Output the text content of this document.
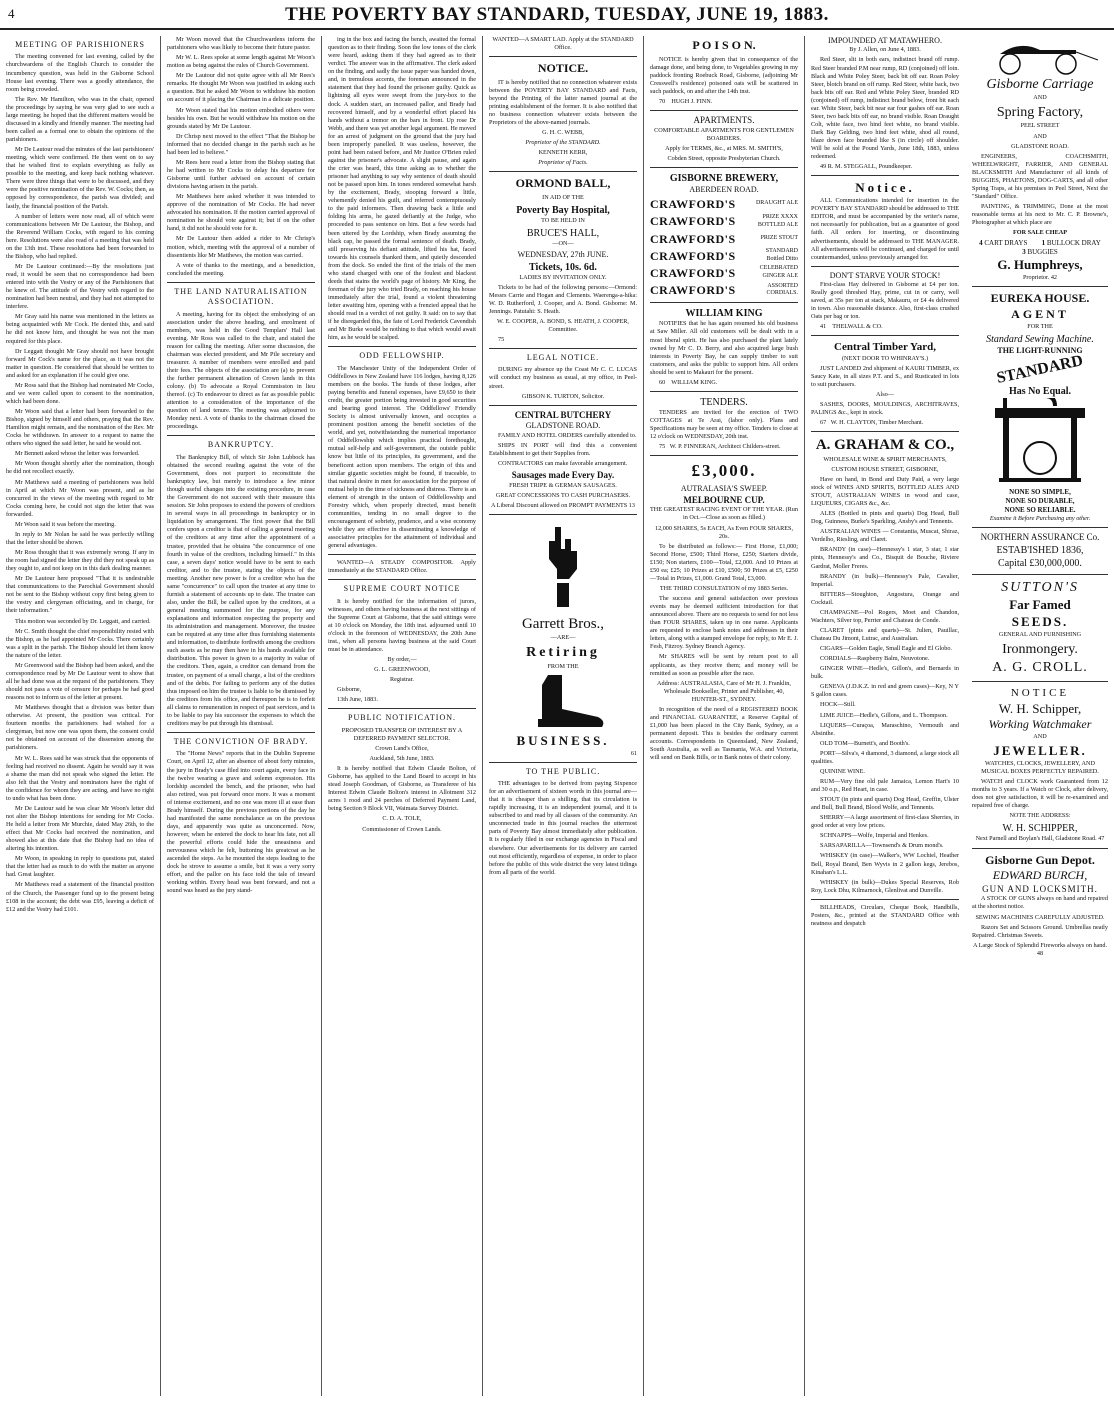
4	THE POVERTY BAY STANDARD, TUESDAY, JUNE 19, 1883.
MEETING OF PARISHIONERS

The meeting convened for last evening, called by the churchwardens of the English Church to consider the incumbency question, was held in the Gisborne School House last evening. There was a goodly attendance, the room being crowded.

The Rev. Mr Hamilton, who was in the chair, opened the proceedings by saying he was very glad to see such a large meeting; he hoped that the different matters would be discussed in a kindly and friendly manner. The meeting had been called as a formal one to obtain the opinions of the parishioners.

Mr De Lautour read the minutes of the last parishioners' meeting, which were confirmed. He then went on to say that he wished first to explain everything as fully as possible to the meeting, and keep back nothing whatever. There were three things that were to be discussed, and they were the positive nomination of the Rev. W. Cocks; then, as opposed by correspondence, the parish was divided; and lastly, the financial position of the Parish.

A number of letters were now read, all of which were communications between Mr De Lautour, the Bishop, and the Reverend William Cocks, with regard to his coming here. Resolutions were also read of a meeting that was held on the 13th inst. These resolutions had been forwarded to the Bishop, who had replied.

Mr De Lautour continued:—By the resolutions just read, it would be seen that no correspondence had been entered into with the Vestry or any of the Parishioners that he knew of. The attitude of the Vestry with regard to the nomination had been neutral, and they had not attempted to interfere.

Mr Gray said his name was mentioned in the letters as being acquainted with Mr Cock. He denied this, and said he did not know him, and thought he was not the man required for this place.

Dr Leggatt thought Mr Gray should not have brought forward Mr Cock's name for the place, as it was not the matter in question. He considered that should be written to and asked for an explanation if he could give one.

Mr Ross said that the Bishop had nominated Mr Cocks, and we were called upon to consent to the nomination, which had been done.

Mr Woon said that a letter had been forwarded to the Bishop, signed by himself and others, praying that the Rev. Hamilton might remain, and the nomination of the Rev. Mr Cocks be withdrawn. In answer to a request to name the others who signed the said letter, he said he would not.

Mr Bennett asked whose the letter was forwarded.

Mr Woon thought shortly after the nomination, though he did not recollect exactly.

Mr Matthews said a meeting of parishioners was held in April at which Mr Woon was present, and as he concurred in the views of the meeting with regard to Mr Cocks coming here, he could not sign the letter that was forwarded.

Mr Woon said it was before the meeting.

In reply to Mr Nolan he said he was perfectly willing that the letter should be shown.

Mr Ross thought that it was extremely wrong. If any in the room had signed the letter they did they not speak up as they ought to, and not keep on in this dark dealing manner.

Mr De Lautour here proposed "That it is undesirable that communications to the Parochial Government should not be sent to the Bishop without copy first being given to the vestry and clergyman officiating, and in charge, for their information."

This motion was seconded by Dr. Leggatt, and carried.

Mr C. Smith thought the chief responsibility rested with the Bishop, as he had appointed Mr Cocks. There certainly was a split in the parish. The Bishop should let them know the nature of the letter.

Mr Greenwood said the Bishop had been asked, and the correspondence read by Mr De Lautour went to show that all he had done was at the request of the parishioners. They should not pass a vote of censure for perhaps he had good reasons not to inform us of the letter at present.

Mr Matthews thought that a division was better than otherwise. At present, the position was critical. For fourteen months the parishioners had wished for a clergyman, but now one was upon them, the consent could not be obtained on account of the dissension among the parishioners.

Mr W. L. Rees said he was struck that the opponents of feeling had received no dissent. Again he would say it was a shame the man did not speak who signed the letter. He also felt that the Vestry and nominators have the right of the confidence for whom they are acting, and have no right to undo what has been done.

Mr De Lautour said he was clear Mr Woon's letter did not alter the Bishop intentions for sending for Mr Cocks. He held a letter from Mr Murchie, dated May 26th, to the effect that Mr Cocks had received the nomination, and showed also at this date that the Bishop had no idea of altering his intention.

Mr Woon, in speaking in reply to questions put, stated that the letter had as much to do with the matter as anyone had. Great laughter.

Mr Matthews read a statement of the financial position of the Church, the Passenger fund up to the present being £108 in the account; the debt was £95, leaving a deficit of £12 and the Vestry had £101.

Mr Woon moved that the Churchwardens inform the parishioners who was likely to become their future pastor.

Mr W. L. Rees spoke at some length against Mr Woon's motion as being against the rules of Church Government.

Mr De Lautour did not quite agree with all Mr Rees's remarks. He thought Mr Woon was justified in asking such a question. But he asked Mr Woon to withdraw his motion on account of it placing the Chairman in a delicate position.

Mr Woon stated that his motion embodied others were besides his own. But he would withdraw his motion on the grounds stated by Mr De Lautour.

Dr Chrisp next moved to the effect "That the Bishop be informed that no decided change in the parish such as he had been led to believe."

Mr Rees here read a letter from the Bishop stating that he had written to Mr Cocks to delay his departure for Gisborne until further advised on account of certain divisions having arisen in the parish.

Mr Matthews here asked whether it was intended to approve of the nomination of Mr Cocks. He had never advocated his nomination. If the motion carried approval of nomination he should vote against it; but if on the other hand, it did not he should vote for it.

Mr De Lautour then added a rider to Mr Chrisp's motion, which, meeting with the approval of a number of dissentients like Mr Matthews, the motion was carried.

A vote of thanks to the meetings, and a benediction, concluded the meeting.

THE LAND NATURALISATION ASSOCIATION.

A meeting, having for its object the embodying of an association under the above heading, and enrolment of members, was held in the Good Templars' Hall last evening. Mr Ross was called to the chair, and stated the reason for calling the meeting. After some discussion, the chairman was elected president, and Mr Pile secretary and treasurer. A number of members were enrolled and paid their fees. The objects of the association are (a) to prevent the further permanent alienation of Crown lands in this colony. (b) To advocate a Royal Commission in lieu thereof. (c) To endeavour to direct as far as possible public attention to a consideration of the importance of the question of land tenure. The meeting was adjourned to Monday next. A vote of thanks to the chairman closed the proceedings.

BANKRUPTCY.

The Bankruptcy Bill, of which Sir John Lubbock has obtained the second reading against the vote of the Government, does not purport to reconstitute the bankruptcy law, but merely to introduce a few minor though useful changes into the existing procedure, in case the Government do not succeed with their measure this session. Sir John proposes to extend the powers of creditors in several ways in all proceedings in bankruptcy or in liquidation by arrangement. The first power that the Bill confers upon a creditor is that of calling a general meeting of the creditors at any time after the appointment of a trustee, provided that he obtains "the concurrence of one fourth in value of the creditors, including himself." In this case, a seven days' notice would have to be sent to each creditor, and to the trustee, stating the objects of the meeting. Another new power is for a creditor who has the same "concurrence" to call upon the trustee at any time to furnish a statement of accounts up to date. The trustee can also, under the Bill, be called upon by the creditors, at a general meeting summoned for the purpose, for any explanations and information respecting the property and its administration and management. Moreover, the trustee can be required at any time after thus furnishing statements and information, to distribute forthwith among the creditors such assets as he may then have in his hands available for distribution. This power is given to a majority in value of the creditors. Then, again, a creditor can demand from the trustee, on payment of a small charge, a list of the creditors and of the debts. For failing to perform any of the duties thus imposed on him the trustee is liable to be dismissed by the creditors from his office, and thereupon he is to forfeit all claims to remuneration in respect of past services, and is to be liable to pay his successor the expenses to which the creditors may be put through his dismissal.

THE CONVICTION OF BRADY.

The "Home News" reports that in the Dublin Supreme Court, on April 12, after an absence of about forty minutes, the jury in Brady's case filed into court again, every face in the twelve wearing a grave and solemn expression. His lordship ascended the bench, and the prisoner, who had also retired, was put forward once more. It was a moment of intense excitement, and no one was more ill at ease than Brady himself. During the previous portions of the day he had manifested the same nonchalance as on the previous days, and apparently was quite as unconcerned. Now, however, when he entered the dock to hear his fate, not all the powerful efforts could hide the uneasiness and nervousness which he felt, buttoning his greatcoat as he ascended the steps. As he mounted the steps leading to the dock he strove to assume a smile, but it was a very sorry effort, and the pallor on his face told the tale of inward working within. Every head was bent forward, and not a sound was heard as the jury stand-

ing in the box and facing the bench, awaited the formal question as to their finding. Soon the low tones of the clerk were heard, asking them if they had agreed as to their verdict. The answer was in the affirmative. The clerk asked on the finding, and sadly the issue paper was handed down, and, in tremulous accents, the foreman announced in the statement that they had found the prisoner guilty. Quick as lightning all eyes were swept from the jury-box to the dock. A sudden start, an increased pallor, and Brady had recovered himself, and by a wonderful effort placed his hands without a tremor on the bars in front. Up rose Dr Webb, and there was yet another legal argument. He moved for an arrest of judgment on the ground that the jury had been improperly panelled. It was useless, however, the point had been raised before, and Mr Justice O'Brien ruled against the prisoner's advocate. A slight pause, and again the crier was heard, this time asking as to whether the prisoner had anything to say why sentence of death should not be passed upon him. In tones rendered somewhat harsh by the excitement, Brady, stooping forward a little, vehemently denied his guilt, and referred contemptuously to the paid informers. Then drawing back a little and folding his arms, he gazed defiantly at the Judge, who proceeded to pass sentence on him. But a few words had been uttered by the Lordship, when Brady assuming the black cap, he passed the formal sentence of death. Brady, still preserving his defiant attitude, lifted his hat, faced towards his counsels thanked them, and quietly descended from the dock. So ended the first of the trials of the men who stand charged with one of the foulest and blackest deeds that stains the world's page of history. Mr King, the foreman of the jury who tried Brady, on reaching his house immediately after the trial, found a violent threatening letter awaiting him, opening with a frenzied appeal that he should read in a verdict of not guilty. It said: on to say that if he disregarded this, the fate of Lord Frederick Cavendish and Mr Burke would be nothing to that which would await him, as he would be scalped.

ODD FELLOWSHIP.

The Manchester Unity of the Independent Order of Oddfellows in New Zealand have 116 lodges, having 8,126 members on the books. The funds of these lodges, after paying benefits and funeral expenses, have £9,650 to their credit, the greater portion being invested in good securities and bearing good interest. The Oddfellows' Friendly Society is almost universally known, and occupies a prominent position among the benefit societies of the world, and yet, notwithstanding the numerical importance of Oddfellowship which implies practical forethought, mutual self-help and self-government, the outside public know but little of its principles, its government, and the beneficent action upon members. The origin of this and similar gigantic societies might be found, if traceable, to that natural desire in men for association for the purpose of mutual help in the time of sickness and distress. There is an element of strength in the unison of Oddfellowship and Forestry which, when properly directed, must benefit communities, tending in no small degree to the encouragement of sobriety, prudence, and a wise economy while they are effective in disseminating a knowledge of associative principles for the attainment of individual and general advantages.

WANTED—A STEADY COMPOSITOR. Apply immediately at the STANDARD Office.

SUPREME COURT NOTICE

It is hereby notified for the information of jurors, witnesses, and others having business at the next sittings of the Supreme Court at Gisborne, that the said sittings were at 10 o'clock on Monday, the 18th inst. adjourned until 10 o'clock in the forenoon of WEDNESDAY, the 20th June inst., when all persons having business at the said Court must be in attendance.

By order,—

G. L. GREENWOOD,

Registrar.

Gisborne,

13th June, 1883.

PUBLIC NOTIFICATION.

PROPOSED TRANSFER OF INTEREST BY A DEFERRED PAYMENT SELECTOR.

Crown Land's Office,

Auckland, 5th June, 1883.

It is hereby notified that Edwin Claude Bolton, of Gisborne, has applied to the Land Board to accept in his stead Joseph Goodman, of Gisborne, as Transferee of his Interest Edwin Claude Bolton's interest in Allotment 312 acres 1 rood and 24 perches of Deferred Payment Land, being Section 9 Block VII, Waimata Survey District.

C. D. A. TOLE,

Commissioner of Crown Lands.

WANTED—A SMART LAD. Apply at the STANDARD Office.

NOTICE.

IT is hereby notified that no connection whatever exists between the POVERTY BAY STANDARD and Facts, beyond the Printing of the latter named journal at the printing establishment of the former. It is also notified that no business connection whatever exists between the Proprietors of the above-named journals.

G. H. C. WEBB,

Proprietor of the STANDARD.

KENNETH KERR,

Proprietor of Facts.

ORMOND BALL,

IN AID OF THE

Poverty Bay Hospital,

TO BE HELD IN

BRUCE'S HALL,

—ON—

WEDNESDAY, 27th JUNE.
Tickets, 10s. 6d.

LADIES BY INVITATION ONLY.

Tickets to be had of the following persons:—Ormond: Messrs Carrie and Hogan and Clements. Waerenga-a-hika: W. D. Rutherford, J. Cooper, and A. Bond. Gisborne: M. Jennings. Patutahi: S. Heath.

W. E. COOPER, A. BOND, S. HEATH, J. COOPER, Committee.

75

LEGAL NOTICE.

DURING my absence up the Coast Mr C. C. LUCAS will conduct my business as usual, at my office, in Peel-street.

GIBSON K. TURTON, Solicitor.

CENTRAL BUTCHERY
GLADSTONE ROAD.

FAMILY AND HOTEL ORDERS carefully attended to.

SHIPS IN PORT will find this a convenient Establishment to get their Supplies from.

CONTRACTORS can make favorable arrangement.

Sausages made Every Day.

FRESH TRIPE & GERMAN SAUSAGES.

GREAT CONCESSIONS TO CASH PURCHASERS.

A Liberal Discount allowed on PROMPT PAYMENTS 13

Garrett Bros.,

—ARE—

Retiring

FROM THE

BUSINESS.

61

TO THE PUBLIC.

THE advantages to be derived from paying Sixpence for an advertisement of sixteen words in this journal are—that it is cheaper than a shilling, that its circulation is rapidly increasing, it is an independent journal, and it is subscribed to and read by all classes of the community. An unconnected trade in this journal reaches the uttermost parts of Poverty Bay almost immediately after publication. It is regularly filed in our exchange agencies in Fiscal and elsewhere. Our advertisements for its delivery are carried out most efficiently, regardless of expense, in order to place before the public of this wide district the very latest tidings from all parts of the world.

P O I S O N.

NOTICE is hereby given that in consequence of the damage done, and being done, to Vegetables growing in my paddock fronting Roebuck Road, Gisborne, (adjoining Mr Cresswell's residence) poisoned oats will be scattered in such paddock, on and after the 14th inst.

70 HUGH J. FINN.

APARTMENTS.

COMFORTABLE APARTMENTS FOR GENTLEMEN BOARDERS.

Apply for TERMS, &c., at MRS. M. SMITH'S,

Cobden Street, opposite Presbyterian Church.

GISBORNE BREWERY,
ABERDEEN ROAD.
CRAWFORD'S	DRAUGHT ALE
CRAWFORD'S	PRIZE XXXX BOTTLED ALE
CRAWFORD'S	PRIZE STOUT
CRAWFORD'S	STANDARD Bottled Ditto
CRAWFORD'S	CELEBRATED GINGER ALE
CRAWFORD'S	ASSORTED CORDIALS.
WILLIAM KING

NOTIFIES that he has again resumed his old business at Saw Miller. All old customers will be dealt with in a most liberal spirit. He has also purchased the plant lately owned by Mr C. D. Berry, and also acquired large bush interests in Poverty Bay, he can supply timber to suit customers, and asks the public to support him. All orders should be sent to Makauri for the present.

60 WILLIAM KING.

TENDERS.

TENDERS are invited for the erection of TWO COTTAGES at Te Arai, (labor only). Plans and Specifications may be seen at my office. Tenders to close at 12 o'clock on WEDNESDAY, 20th inst.

75 W. P. FINNERAN, Architect Childers-street.

£3,000.
AUTRALASIA'S SWEEP.
MELBOURNE CUP.

THE GREATEST RACING EVENT OF THE YEAR. (Run in Oct.—Close as soon as filled.)

12,000 SHARES, 5s EACH, As Even FOUR SHARES, 20s.

To be distributed as follows:— First Horse, £1,000; Second Horse, £500; Third Horse, £250; Starters divide, £150; Non starters, £100—Total, £2,000. And 10 Prizes at £50 ea; £25; 10 Prizes at £10, £500; 50 Prizes at £5, £250—Total in Prizes, £1,000. Grand Total, £3,000.

THE THIRD CONSULTATION of my 1883 Series.

The success and general satisfaction over previous events may be deemed sufficient introduction for that announced above. There are no requests to send for not less than FOUR SHARES, taken up in one name. Applicants are requested to enclose bank notes and addresses in their letters, along with a stamped envelope for reply, to Mr E. J. Fesh, Fitzroy. Sydney Branch Agency.

Mr SHARES will be sent by return post to all applicants, as they receive them; and money will be remitted as soon as possible after the race.

Address: AUSTRALASIA, Care of Mr H. J. Franklin, Wholesale Bookseller, Printer and Publisher, 40, HUNTER-ST., SYDNEY.

In recognition of the need of a REGISTERED BOOK and FINANCIAL GUARANTEE, a Reserve Capital of £1,000 has been placed in the City Bank, Sydney, as a permanent deposit. This is besides the ordinary current accounts. Correspondents in Queensland, New Zealand, South Australia, as well as Tasmania, W.A. and Victoria, will send on Bank Bills, or in Bank notes of their colony.

IMPOUNDED AT MATAWHERO.

By J. Allen, on June 4, 1883.

Red Steer, slit in both ears, indistinct brand off rump. Red Steer branded P.M near rump, RD (conjoined) off loin. Black and White Poley Steer, back bit off ear. Roan Poley Steer, blotch brand on off rump. Red Steer, white back, two back bits off ear. Red and White Poley Steer, branded RD (conjoined) off rump, indistinct brand below, front bit each ear. White Steer, back bit near ear four gashes off ear. Roan Steer, two back bits off ear, no brand visible. Roan Draught Colt, white face, two hind feet white, no brand visible. Dark Bay Gelding, two hind feet white, shod all round, blaze down face branded like S (in circle) off shoulder. Will be sold at the Pound Yards, June 18th, 1883, unless redeemed.

49 R. M. STEGGALL, Poundkeeper.

Notice.

ALL Communications intended for insertion in the POVERTY BAY STANDARD should be addressed to THE EDITOR, and must be accompanied by the writer's name, not necessarily for publication, but as a guarantee of good faith. All orders for inserting, or discontinuing advertisements, should be addressed to THE MANAGER. All advertisements will be continued, and charged for until countermanded, unless previously arranged for.

DON'T STARVE YOUR STOCK!

First-class Hay delivered in Gisborne at £4 per ton. Really good threshed Hay, prime, cut in or carry, well saved, at 35s per ton at stack, Makauru, or £4 4s delivered in town. Also reasonable distance. Also, first-class crushed Oats per bag or ton.

41 THELWALL & CO.

Central Timber Yard,

(NEXT DOOR TO WHINRAY'S.)

JUST LANDED 2nd shipment of KAURI TIMBER, ex Saucy Kate, in all sizes P.T. and S., and Rusticated in lots to suit purchasers.

Also—

SASHES, DOORS, MOULDINGS, ARCHITRAVES, PALINGS &c., kept in stock.

67 W. H. CLAYTON, Timber Merchant.

A. GRAHAM & CO.,

WHOLESALE WINE & SPIRIT MERCHANTS,

CUSTOM HOUSE STREET, GISBORNE,

Have on hand, in Bond and Duty Paid, a very large stock of WINES AND SPIRITS, BOTTLED ALES AND STOUT, AUSTRALIAN WINES in wood and case, LIQUEURS, CIGARS &c., &c.

ALES (Bottled in pints and quarts) Dog Head, Bull Dog, Guinness, Burke's Sparkling, Ansby's and Tennents.

AUSTRALIAN WINES — Constantia, Muscat, Shiraz, Verdelho, Riesling, and Claret.

BRANDY (in case)—Hennessy's 1 star, 3 star, 1 star pints, Hennessy's and Co., Bisquit de Bouche, Riviere Gardrat, Moller Freres.

BRANDY (in bulk)—Hennessy's Pale, Cavalier, Imperial.

BITTERS—Stoughton, Angostura, Orange and Cocktail.

CHAMPAGNE—Pol Rogers, Moet and Chandon, Wachters, Silver top, Perrier and Chateau de Conde.

CLARET (pints and quarts)—St. Julien, Pauillac, Chateau Du Jimont, Lutrac, and Australian.

CIGARS—Golden Eagle, Small Eagle and El Globo.

CORDIALS—Raspberry Balm, Neuvotone.

GINGER WINE—Hedle's, Gillon's, and Bernards in bulk.

GENEVA (J.D.K.Z. in red and green cases)—Key, N Y S gallon cases.

HOCK—Still.

LIME JUICE—Hedle's, Gillons, and L. Thompson.

LIQUERS—Curaçoa, Maraschino, Vermouth and Absinthe.

OLD TOM—Burnett's, and Booth's.

PORT—Silva's, 4 diamond, 3 diamond, a large stock all qualities.

QUININE WINE.

RUM—Very fine old pale Jamaica, Lemon Hart's 10 and 30 o.p., Red Heart, in case.

STOUT (in pints and quarts) Dog Head, Greffin, Ulster and Bull, Bull Brand, Blood Wolfe, and Tennents.

SHERRY—A large assortment of first-class Sherries, in good order at very low prices.

SCHNAPPS—Wolfe, Imperial and Henkes.

SARSAPARILLA—Townsend's & Drum mond's.

WHISKEY (in case)—Walker's, WW Lochiel, Heather Bell, Royal Brand, Ben Wyvis in 2 gallon kegs, Jerebos, Kinahan's L.L.

WHISKEY (in bulk)—Dukes Special Reserves, Rob Roy, Lock Dhu, Kilmarnock, Glenlivat and Dunville.

BILLHEADS, Circulars, Cheque Book, Handbills, Posters, &c., printed at the STANDARD Office with neatness and despatch

Gisborne Carriage

AND

Spring Factory,

PEEL STREET

AND

GLADSTONE ROAD.

ENGINEERS, COACHSMITH, WHEELWRIGHT, FARRIER, AND GENERAL BLACKSMITH And Manufacturer of all kinds of BUGGIES, PHAETONS, DOG-CARTS, and all other Spring Traps, at his premises in Peel Street, Next the "Standard" Office.

PAINTING, & TRIMMING, Done at the most reasonable terms at his next to Mr. C. P. Browne's, Photographer at which place are

FOR SALE CHEAP

4 CART DRAYS 1 BULLOCK DRAY
3 BUGGIES
G. Humphreys,

Proprietor. 42

EUREKA HOUSE.
AGENT

FOR THE

Standard Sewing Machine.
THE LIGHT-RUNNING
STANDARD
Has No Equal.
NONE SO SIMPLE,
NONE SO DURABLE,
NONE SO RELIABLE.

Examine it Before Purchasing any other.

NORTHERN ASSURANCE Co.
ESTAB'ISHED 1836,
Capital £30,000,000.
SUTTON'S
Far Famed
SEEDS.

GENERAL AND FURNISHING

Ironmongery.
A. G. CROLL.
NOTICE
W. H. Schipper,
Working Watchmaker

AND

JEWELLER.

WATCHES, CLOCKS, JEWELLERY, AND MUSICAL BOXES PERFECTLY REPAIRED.

WATCH and CLOCK work Guaranteed from 12 months to 3 years. If a Watch or Clock, after delivery, does not give satisfaction, it will be re-examined and repaired free of charge.

NOTE THE ADDRESS:

W. H. SCHIPPER,

Next Parnell and Boylan's Hall, Gladstone Road. 47

Gisborne Gun Depot.
EDWARD BURCH,
GUN AND LOCKSMITH.

A STOCK OF GUNS always on hand and repaired at the shortest notice.

SEWING MACHINES CAREFULLY ADJUSTED.

Razors Set and Scissors Ground. Umbrellas neatly Repaired. Christmas Sweets.

A Large Stock of Splendid Fireworks always on hand. 48
